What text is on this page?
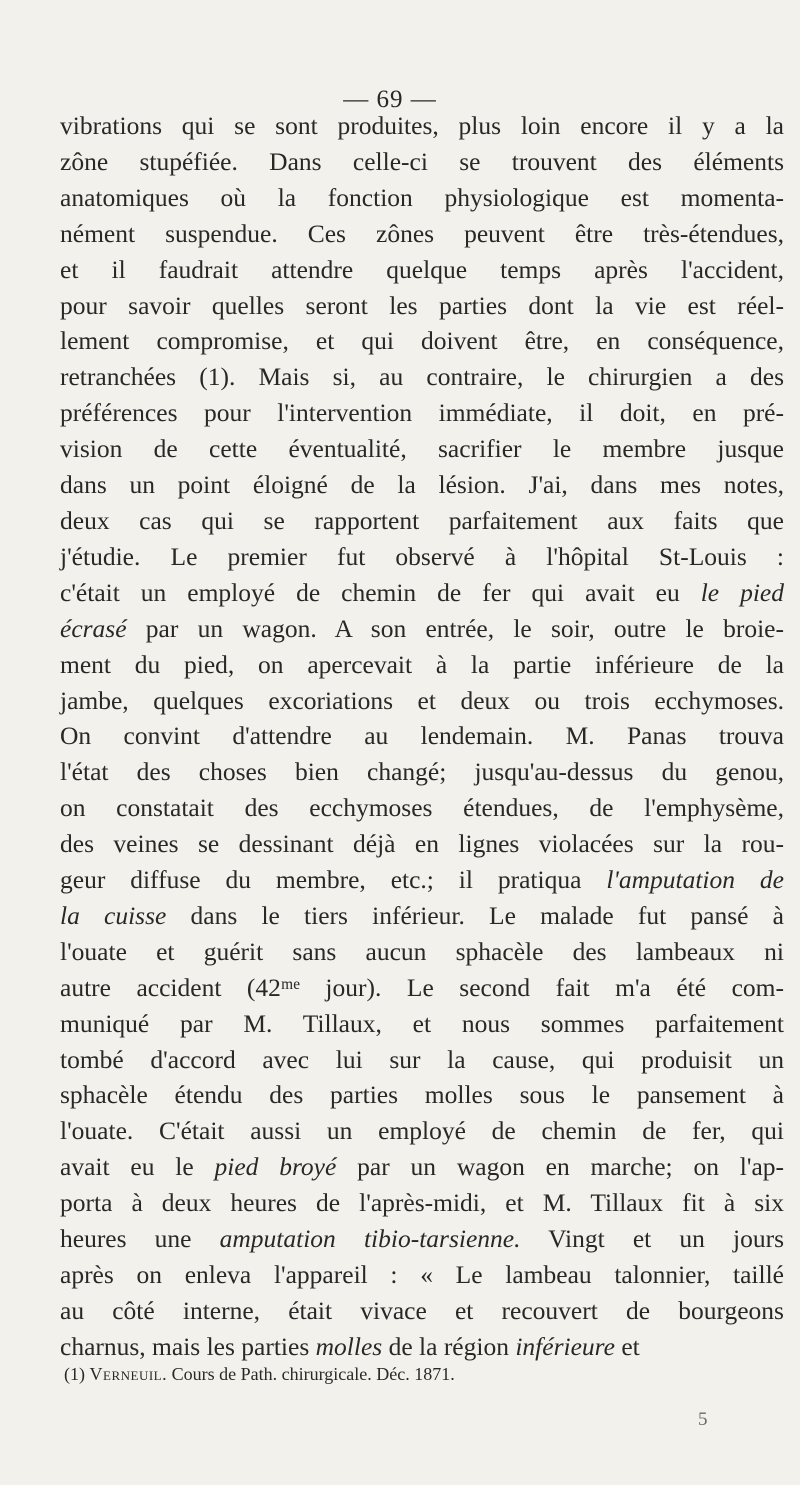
— 69 —
vibrations qui se sont produites, plus loin encore il y a la
zône stupéfiée. Dans celle-ci se trouvent des éléments
anatomiques où la fonction physiologique est momenta-
nément suspendue. Ces zônes peuvent être très-étendues,
et il faudrait attendre quelque temps après l'accident,
pour savoir quelles seront les parties dont la vie est réel-
lement compromise, et qui doivent être, en conséquence,
retranchées (1). Mais si, au contraire, le chirurgien a des
préférences pour l'intervention immédiate, il doit, en pré-
vision de cette éventualité, sacrifier le membre jusque
dans un point éloigné de la lésion. J'ai, dans mes notes,
deux cas qui se rapportent parfaitement aux faits que
j'étudie. Le premier fut observé à l'hôpital St-Louis :
c'était un employé de chemin de fer qui avait eu le pied
écrasé par un wagon. A son entrée, le soir, outre le broie-
ment du pied, on apercevait à la partie inférieure de la
jambe, quelques excoriations et deux ou trois ecchymoses.
On convint d'attendre au lendemain. M. Panas trouva
l'état des choses bien changé; jusqu'au-dessus du genou,
on constatait des ecchymoses étendues, de l'emphysème,
des veines se dessinant déjà en lignes violacées sur la rou-
geur diffuse du membre, etc.; il pratiqua l'amputation de
la cuisse dans le tiers inférieur. Le malade fut pansé à
l'ouate et guérit sans aucun sphacèle des lambeaux ni
autre accident (42ᵐᵉ jour). Le second fait m'a été com-
muniqué par M. Tillaux, et nous sommes parfaitement
tombé d'accord avec lui sur la cause, qui produisit un
sphacèle étendu des parties molles sous le pansement à
l'ouate. C'était aussi un employé de chemin de fer, qui
avait eu le pied broyé par un wagon en marche; on l'ap-
porta à deux heures de l'après-midi, et M. Tillaux fit à six
heures une amputation tibio-tarsienne. Vingt et un jours
après on enleva l'appareil : « Le lambeau talonnier, taillé
au côté interne, était vivace et recouvert de bourgeons
charnus, mais les parties molles de la région inférieure et
(1) Verneuil. Cours de Path. chirurgicale. Déc. 1871.
5
